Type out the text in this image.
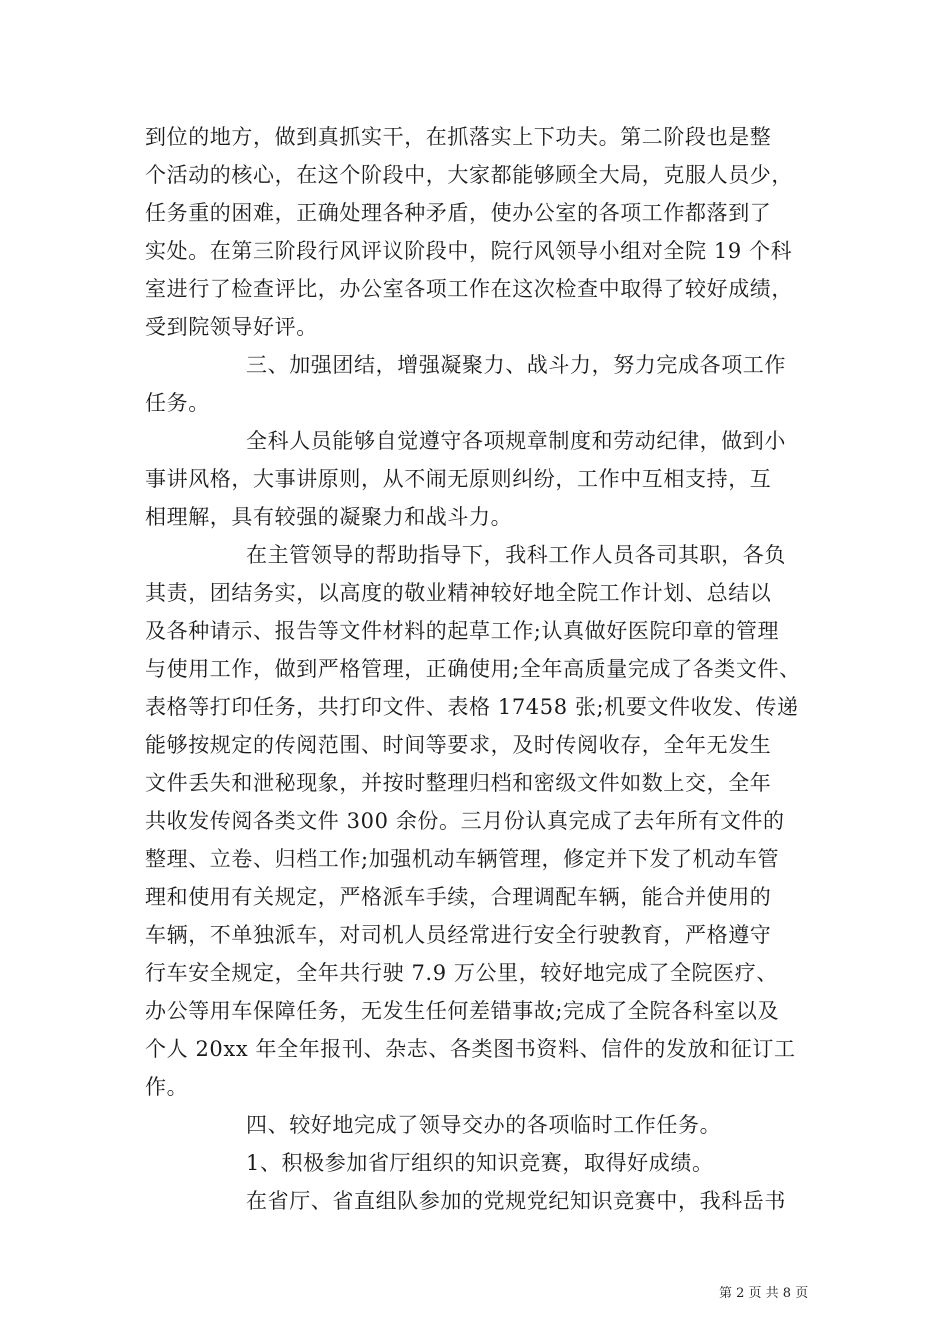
到位的地方，做到真抓实干，在抓落实上下功夫。第二阶段也是整
个活动的核心，在这个阶段中，大家都能够顾全大局，克服人员少，
任务重的困难，正确处理各种矛盾，使办公室的各项工作都落到了
实处。在第三阶段行风评议阶段中，院行风领导小组对全院 19 个科
室进行了检查评比，办公室各项工作在这次检查中取得了较好成绩，
受到院领导好评。
三、加强团结，增强凝聚力、战斗力，努力完成各项工作
任务。
全科人员能够自觉遵守各项规章制度和劳动纪律，做到小
事讲风格，大事讲原则，从不闹无原则纠纷，工作中互相支持，互
相理解，具有较强的凝聚力和战斗力。
在主管领导的帮助指导下，我科工作人员各司其职，各负
其责，团结务实，以高度的敬业精神较好地全院工作计划、总结以
及各种请示、报告等文件材料的起草工作;认真做好医院印章的管理
与使用工作，做到严格管理，正确使用;全年高质量完成了各类文件、
表格等打印任务，共打印文件、表格 17458 张;机要文件收发、传递
能够按规定的传阅范围、时间等要求，及时传阅收存，全年无发生
文件丢失和泄秘现象，并按时整理归档和密级文件如数上交，全年
共收发传阅各类文件 300 余份。三月份认真完成了去年所有文件的
整理、立卷、归档工作;加强机动车辆管理，修定并下发了机动车管
理和使用有关规定，严格派车手续，合理调配车辆，能合并使用的
车辆，不单独派车，对司机人员经常进行安全行驶教育，严格遵守
行车安全规定，全年共行驶 7.9 万公里，较好地完成了全院医疗、
办公等用车保障任务，无发生任何差错事故;完成了全院各科室以及
个人 20xx 年全年报刊、杂志、各类图书资料、信件的发放和征订工
作。
四、较好地完成了领导交办的各项临时工作任务。
1、积极参加省厅组织的知识竞赛，取得好成绩。
在省厅、省直组队参加的党规党纪知识竞赛中，我科岳书
第 2 页 共 8 页
